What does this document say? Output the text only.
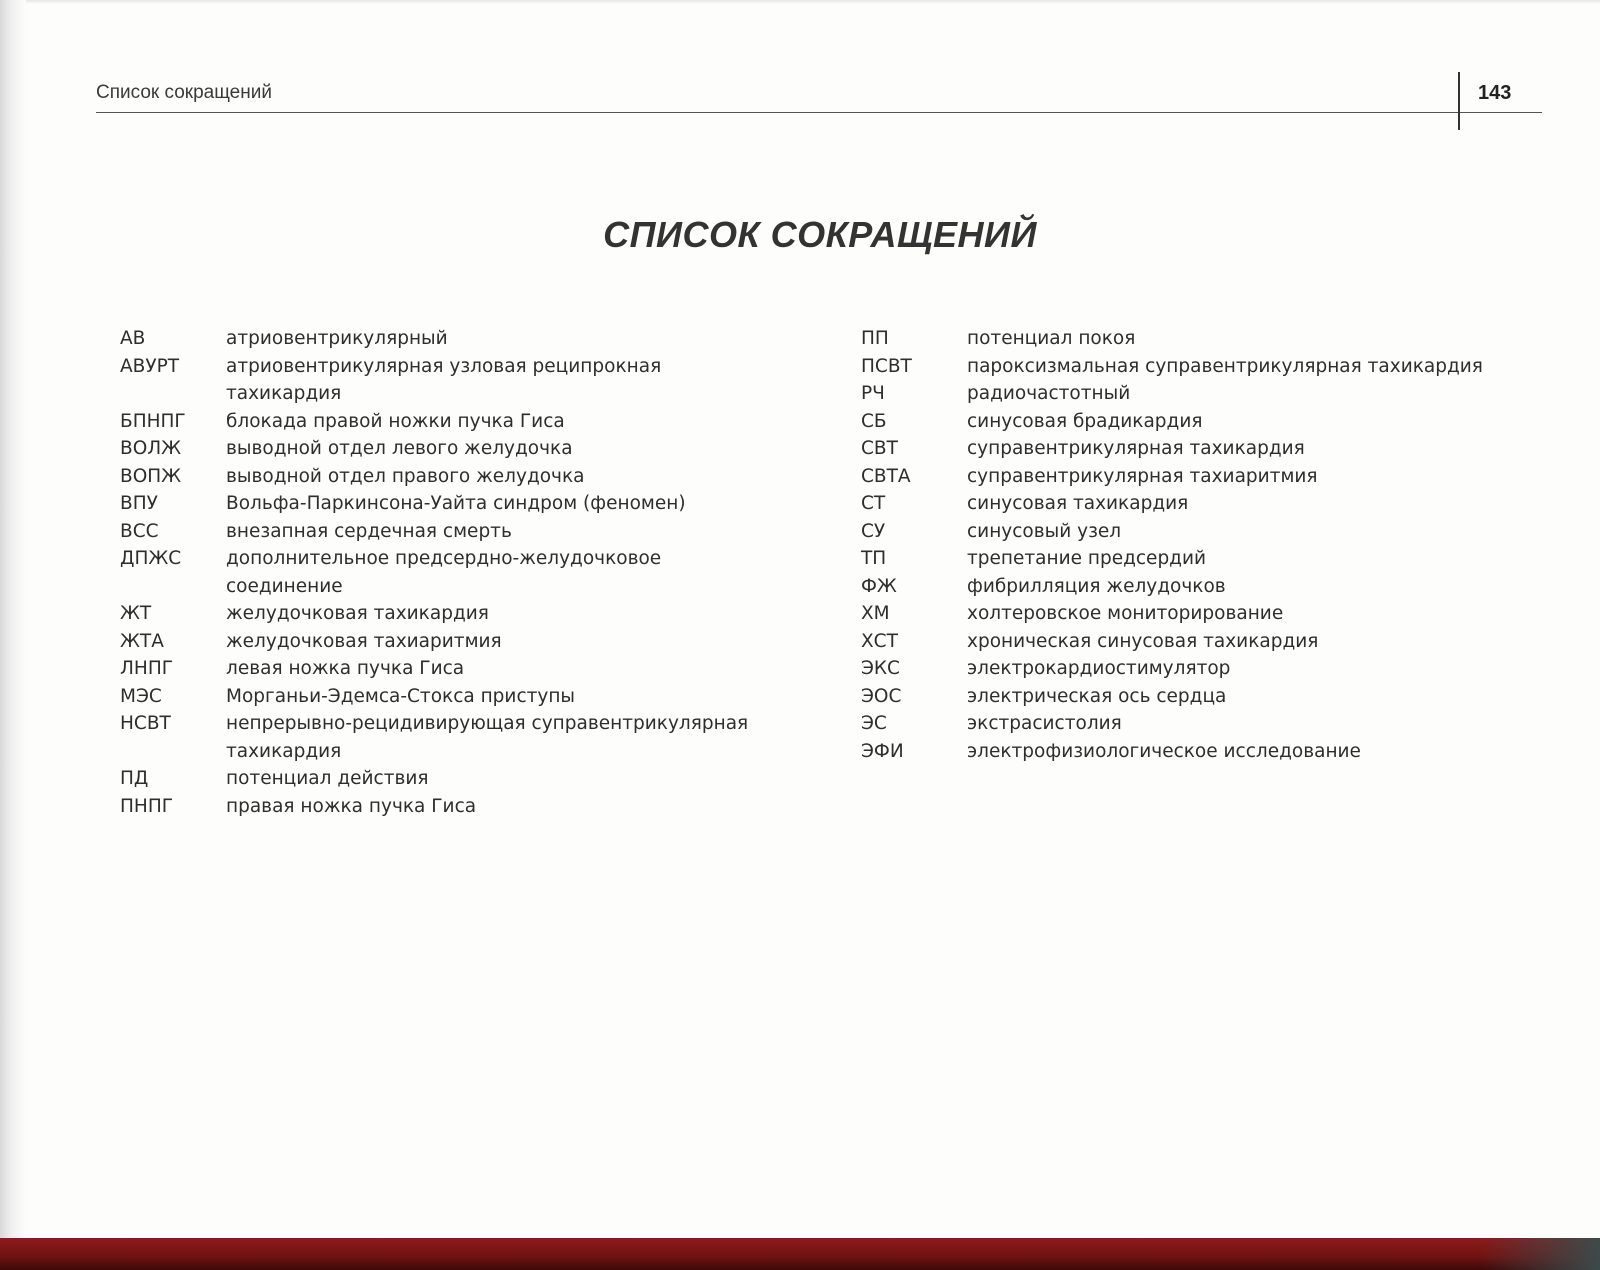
Список сокращений	143
СПИСОК СОКРАЩЕНИЙ
АВ	атриовентрикулярный
АВУРТ	атриовентрикулярная узловая реципрокная тахикардия
БПНПГ	блокада правой ножки пучка Гиса
ВОЛЖ	выводной отдел левого желудочка
ВОПЖ	выводной отдел правого желудочка
ВПУ	Вольфа-Паркинсона-Уайта синдром (феномен)
ВСС	внезапная сердечная смерть
ДПЖС	дополнительное предсердно-желудочковое соединение
ЖТ	желудочковая тахикардия
ЖТА	желудочковая тахиаритмия
ЛНПГ	левая ножка пучка Гиса
МЭС	Морганьи-Эдемса-Стокса приступы
НСВТ	непрерывно-рецидивирующая суправентрикулярная тахикардия
ПД	потенциал действия
ПНПГ	правая ножка пучка Гиса
ПП	потенциал покоя
ПСВТ	пароксизмальная суправентрикулярная тахикардия
РЧ	радиочастотный
СБ	синусовая брадикардия
СВТ	суправентрикулярная тахикардия
СВТА	суправентрикулярная тахиаритмия
СТ	синусовая тахикардия
СУ	синусовый узел
ТП	трепетание предсердий
ФЖ	фибрилляция желудочков
ХМ	холтеровское мониторирование
ХСТ	хроническая синусовая тахикардия
ЭКС	электрокардиостимулятор
ЭОС	электрическая ось сердца
ЭС	экстрасистолия
ЭФИ	электрофизиологическое исследование
